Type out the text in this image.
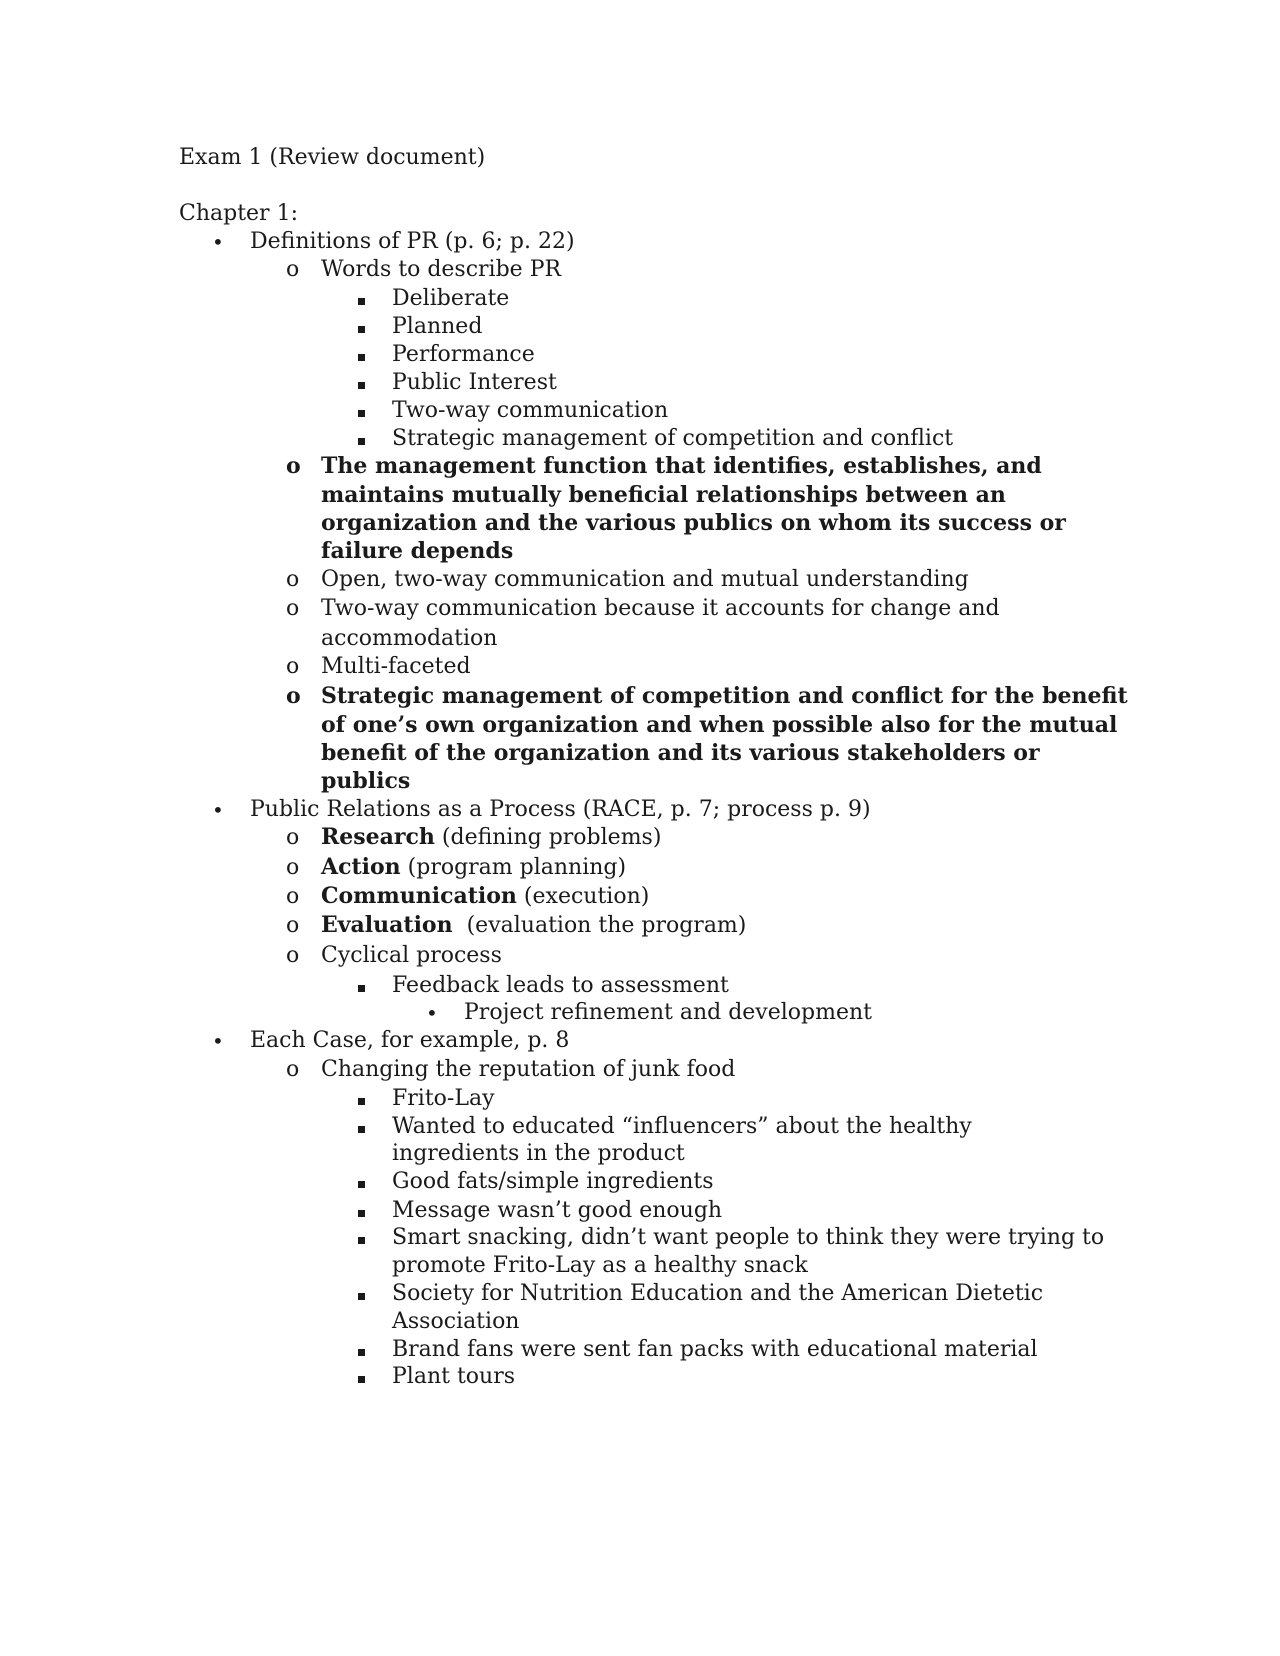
Exam 1 (Review document)
Chapter 1:
• Definitions of PR (p. 6; p. 22)
o Words to describe PR
Deliberate
Planned
Performance
Public Interest
Two-way communication
Strategic management of competition and conflict
o The management function that identifies, establishes, and
maintains mutually beneficial relationships between an
organization and the various publics on whom its success or
failure depends
o Open, two-way communication and mutual understanding
o Two-way communication because it accounts for change and
accommodation
o Multi-faceted
o Strategic management of competition and conflict for the benefit
of one’s own organization and when possible also for the mutual
benefit of the organization and its various stakeholders or
publics
• Public Relations as a Process (RACE, p. 7; process p. 9)
o Research (defining problems)
o Action (program planning)
o Communication (execution)
o Evaluation  (evaluation the program)
o Cyclical process
Feedback leads to assessment
• Project refinement and development
• Each Case, for example, p. 8
o Changing the reputation of junk food
Frito-Lay
Wanted to educated “influencers” about the healthy
ingredients in the product
Good fats/simple ingredients
Message wasn’t good enough
Smart snacking, didn’t want people to think they were trying to
promote Frito-Lay as a healthy snack
Society for Nutrition Education and the American Dietetic
Association
Brand fans were sent fan packs with educational material
Plant tours
